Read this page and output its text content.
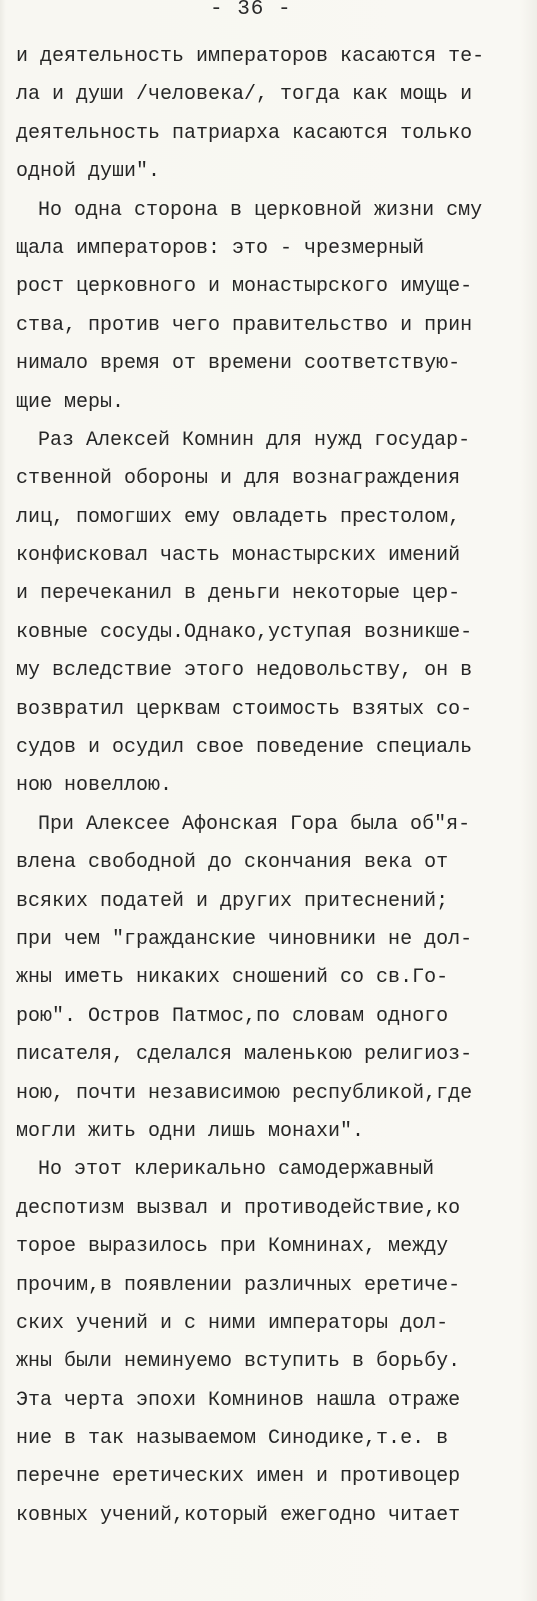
- 36 -
и деятельность императоров касаются те-
ла и души /человека/, тогда как мощь и
деятельность патриарха касаются только
одной души".
Но одна сторона в церковной жизни сму
щала императоров: это - чрезмерный
рост церковного и монастырского имуще-
ства, против чего правительство и прин
нимало время от времени соответствую-
щие меры.
Раз Алексей Комнин для нужд государ-
ственной обороны и для вознаграждения
лиц, помогших ему овладеть престолом,
конфисковал часть монастырских имений
и перечеканил в деньги некоторые цер-
ковные сосуды.Однако,уступая возникше-
му вследствие этого недовольству, он в
возвратил церквам стоимость взятых со-
судов и осудил свое поведение специаль
ною новеллою.
При Алексее Афонская Гора была об"я-
влена свободной до скончания века от
всяких податей и других притеснений;
при чем "гражданские чиновники не дол-
жны иметь никаких сношений со св.Го-
рою". Остров Патмос,по словам одного
писателя, сделался маленькою религиоз-
ною, почти независимою республикой,где
могли жить одни лишь монахи".
Но этот клерикально самодержавный
деспотизм вызвал и противодействие,ко
торое выразилось при Комнинах, между
прочим,в появлении различных еретиче-
ских учений и с ними императоры дол-
жны были неминуемо вступить в борьбу.
Эта черта эпохи Комнинов нашла отраже
ние в так называемом Синодике,т.е. в
перечне еретических имен и противоцер
ковных учений,который ежегодно читает
